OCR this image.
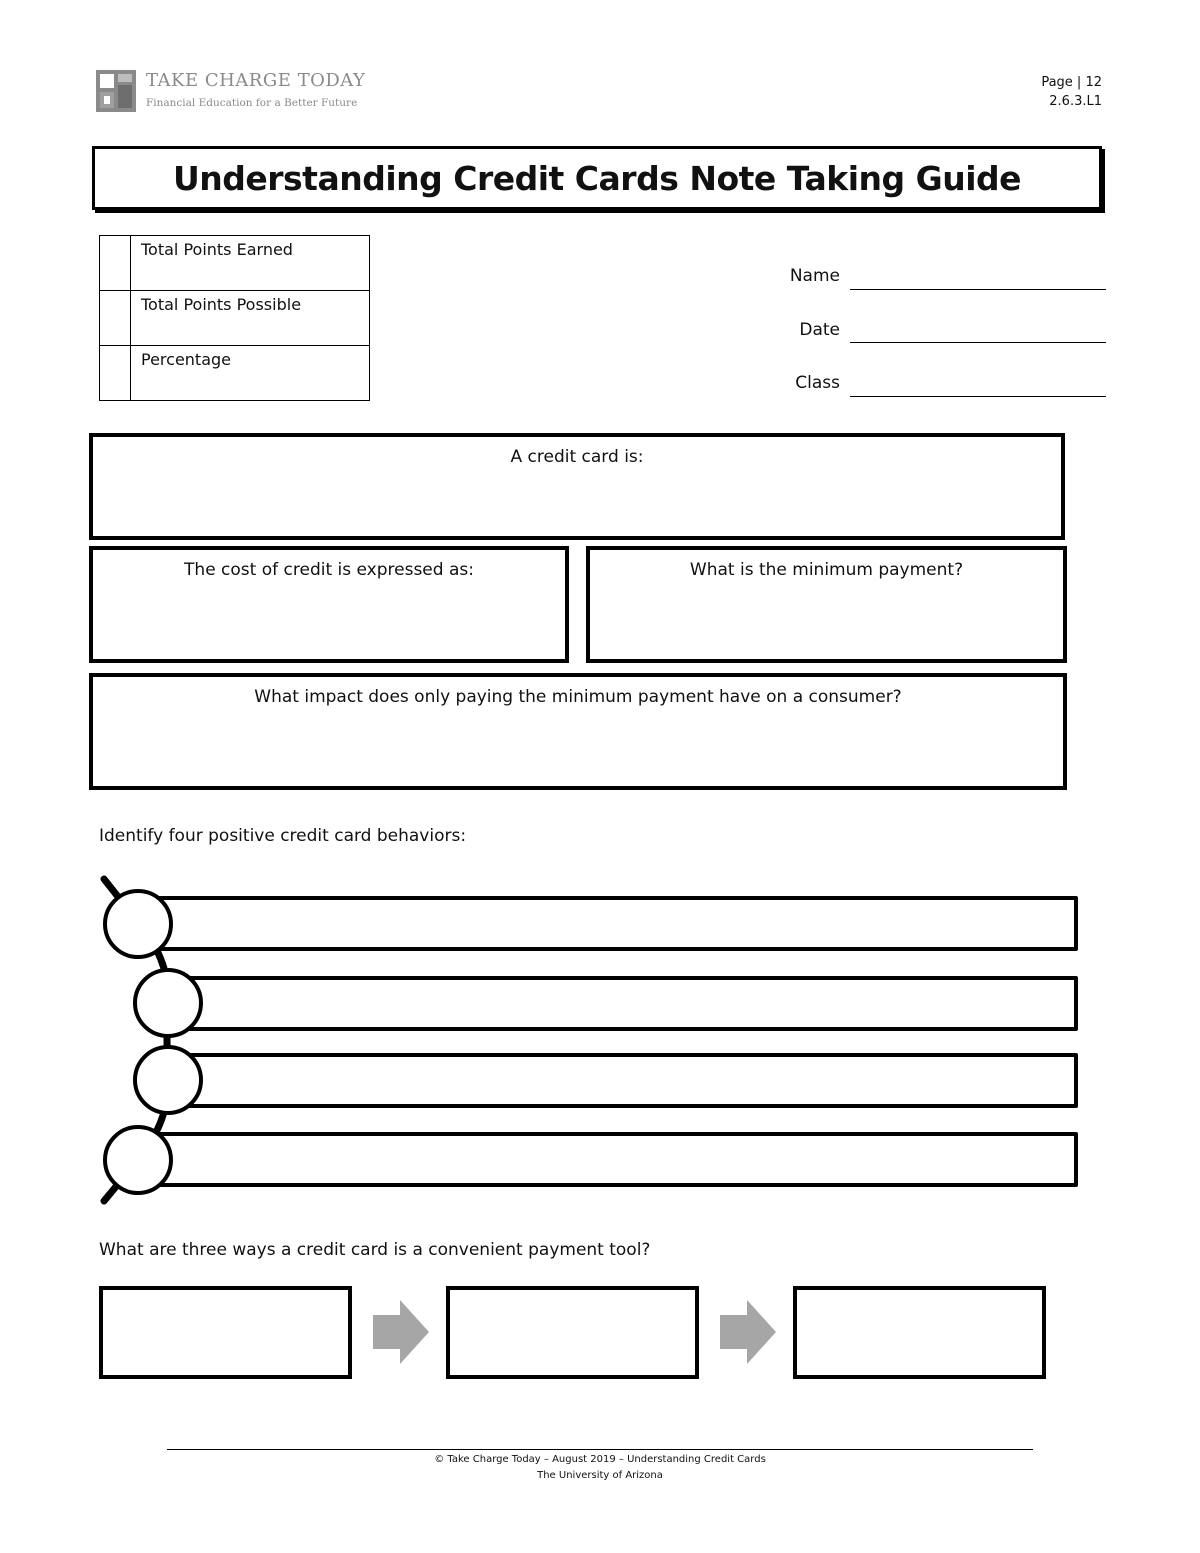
TAKE CHARGE TODAY
Financial Education for a Better Future
Page | 12
2.6.3.L1
Understanding Credit Cards Note Taking Guide
	Total Points Earned
	Total Points Possible
	Percentage
Name
Date
Class
A credit card is:
The cost of credit is expressed as:	What is the minimum payment?
What impact does only paying the minimum payment have on a consumer?
Identify four positive credit card behaviors:
What are three ways a credit card is a convenient payment tool?
© Take Charge Today – August 2019 – Understanding Credit Cards
The University of Arizona
